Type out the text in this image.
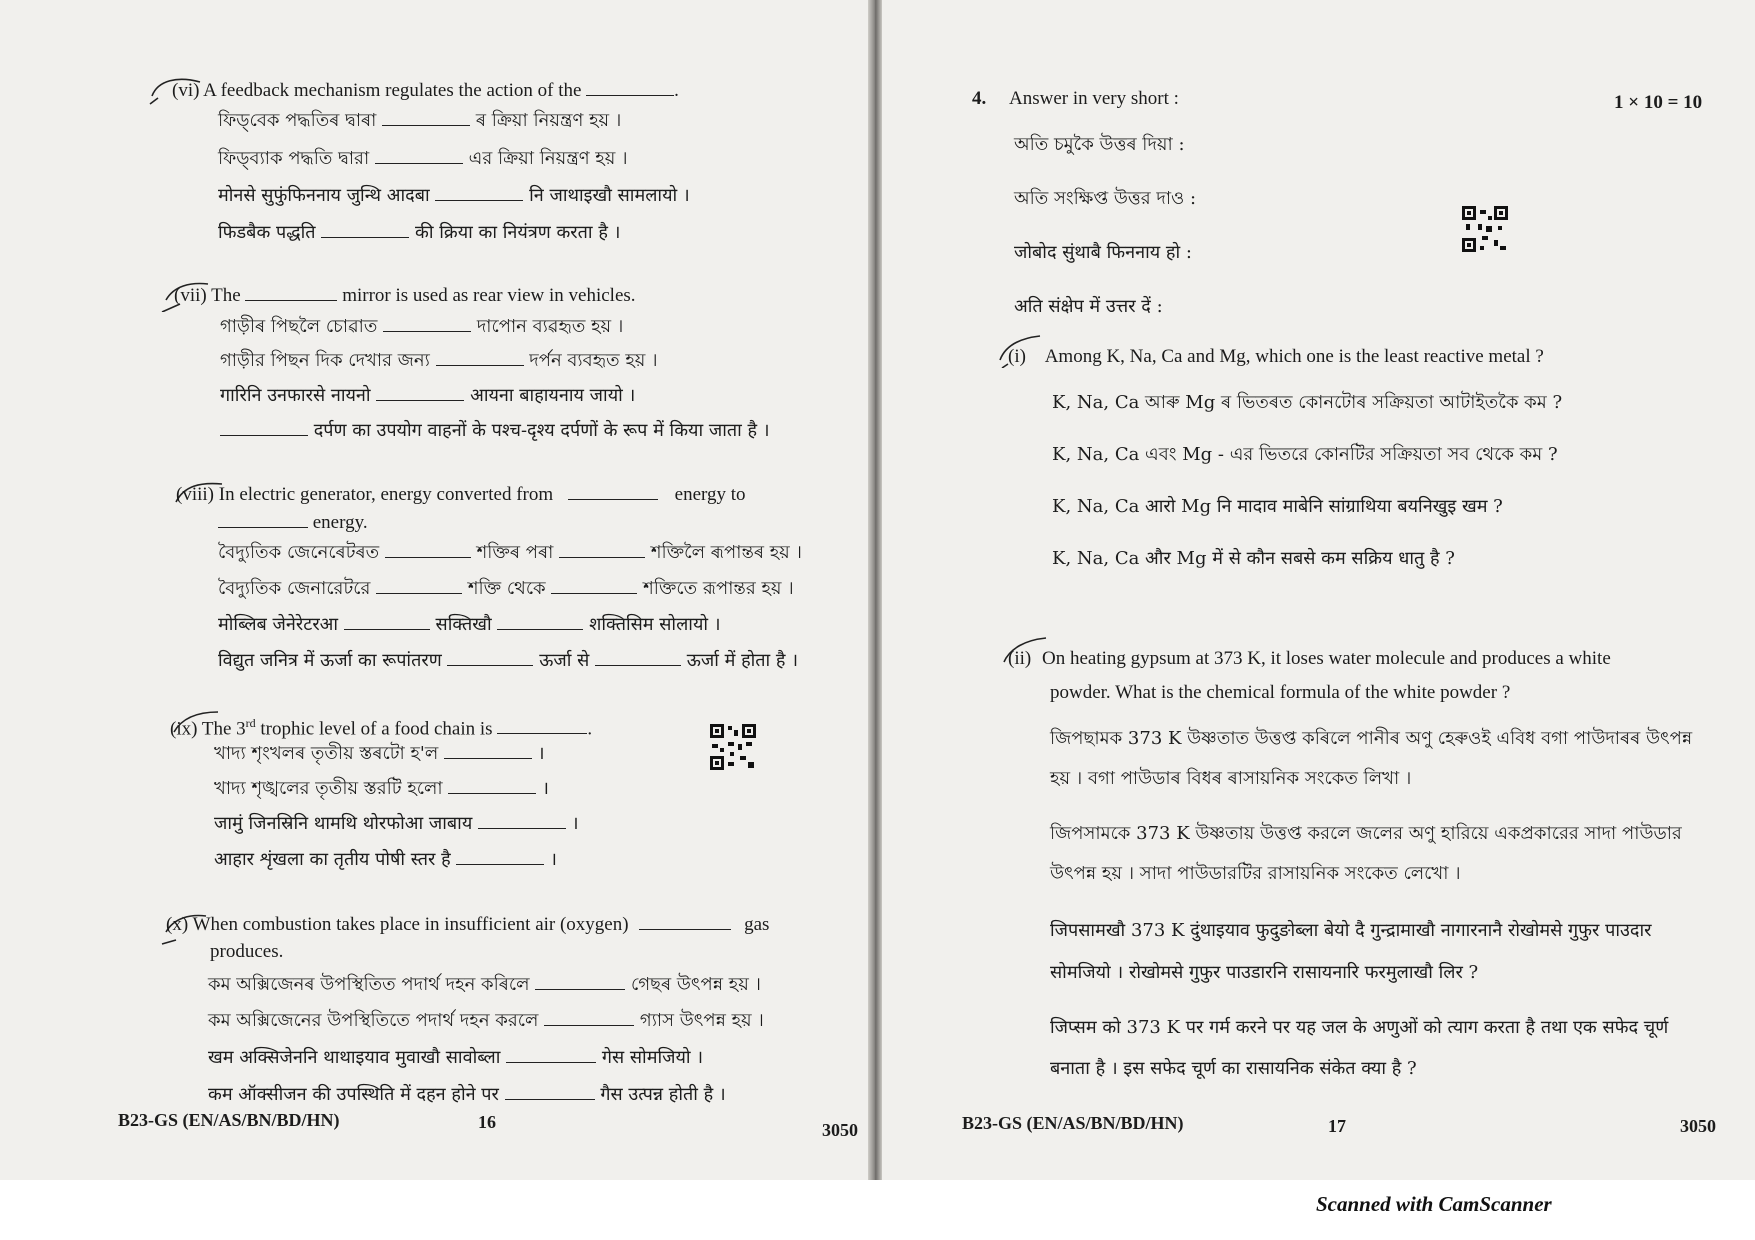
(vi) A feedback mechanism regulates the action of the	.
ফিড্‌বেক পদ্ধতিৰ দ্বাৰা	ৰ ক্ৰিয়া নিয়ন্ত্ৰণ হয় ।
ফিড্‌ব্যাক পদ্ধতি দ্বারা	এর ক্রিয়া নিয়ন্ত্রণ হয় ।
मोनसे सुफुंफिननाय जुन्थि आदबा	नि जाथाइखौ सामलायो ।
फिडबैक पद्धति	की क्रिया का नियंत्रण करता है ।
(vii) The	mirror is used as rear view in vehicles.
গাড়ীৰ পিছলৈ চোৱাত	দাপোন ব্যৱহৃত হয় ।
গাড়ীর পিছন দিক দেখার জন্য	দর্পন ব্যবহৃত হয় ।
गारिनि उनफारसे नायनो	आयना बाहायनाय जायो ।
दर्पण का उपयोग वाहनों के पश्च-दृश्य दर्पणों के रूप में किया जाता है ।
(viii) In electric generator, energy converted from	energy to
energy.
বৈদ্যুতিক জেনেৰেটৰত	শক্তিৰ পৰা	শক্তিলৈ ৰূপান্তৰ হয় ।
বৈদ্যুতিক জেনারেটরে	শক্তি থেকে	শক্তিতে রূপান্তর হয় ।
मोब्लिब जेनेरेटरआ	सक्तिखौ	शक्तिसिम सोलायो ।
विद्युत जनित्र में ऊर्जा का रूपांतरण	ऊर्जा से	ऊर्जा में होता है ।
(ix) The 3rd trophic level of a food chain is	.
খাদ্য শৃংখলৰ তৃতীয় স্তৰটো হ'ল	।
খাদ্য শৃঙ্খলের তৃতীয় স্তরটি হলো	।
जामुं जिनस्रिनि थामथि थोरफोआ जाबाय	।
आहार शृंखला का तृतीय पोषी स्तर है	।
(x) When combustion takes place in insufficient air (oxygen)	gas
produces.
কম অক্সিজেনৰ উপস্থিতিত পদাৰ্থ দহন কৰিলে	গেছৰ উৎপন্ন হয় ।
কম অক্সিজেনের উপস্থিতিতে পদার্থ দহন করলে	গ্যাস উৎপন্ন হয় ।
खम अक्सिजेननि थाथाइयाव मुवाखौ सावोब्ला	गेस सोमजियो ।
कम ऑक्सीजन की उपस्थिति में दहन होने पर	गैस उत्पन्न होती है ।
B23-GS (EN/AS/BN/BD/HN)	16	3050
4. Answer in very short :	1 × 10 = 10
অতি চমুকৈ উত্তৰ দিয়া :
অতি সংক্ষিপ্ত উত্তর দাও :
जोबोद सुंथाबै फिननाय हो :
अति संक्षेप में उत्तर दें :
(i) Among K, Na, Ca and Mg, which one is the least reactive metal ?
K, Na, Ca আৰু Mg ৰ ভিতৰত কোনটোৰ সক্ৰিয়তা আটাইতকৈ কম ?
K, Na, Ca এবং Mg - এর ভিতরে কোনটির সক্রিয়তা সব থেকে কম ?
K, Na, Ca आरो Mg नि मादाव माबेनि सांग्राथिया बयनिखुइ खम ?
K, Na, Ca और Mg में से कौन सबसे कम सक्रिय धातु है ?
(ii) On heating gypsum at 373 K, it loses water molecule and produces a white
powder. What is the chemical formula of the white powder ?
জিপছামক 373 K উষ্ণতাত উত্তপ্ত কৰিলে পানীৰ অণু হেৰুওই এবিধ বগা পাউদাৰৰ উৎপন্ন
হয় । বগা পাউডাৰ বিধৰ ৰাসায়নিক সংকেত লিখা ।
জিপসামকে 373 K উষ্ণতায় উত্তপ্ত করলে জলের অণু হারিয়ে একপ্রকারের সাদা পাউডার
উৎপন্ন হয় । সাদা পাউডারটির রাসায়নিক সংকেত লেখো ।
जिपसामखौ 373 K दुंथाइयाव फुदुङोब्ला बेयो दै गुन्द्रामाखौ नागारनानै रोखोमसे गुफुर पाउदार
सोमजियो । रोखोमसे गुफुर पाउडारनि रासायनारि फरमुलाखौ लिर ?
जिप्सम को 373 K पर गर्म करने पर यह जल के अणुओं को त्याग करता है तथा एक सफेद चूर्ण
बनाता है । इस सफेद चूर्ण का रासायनिक संकेत क्या है ?
B23-GS (EN/AS/BN/BD/HN)	17	3050
Scanned with CamScanner
